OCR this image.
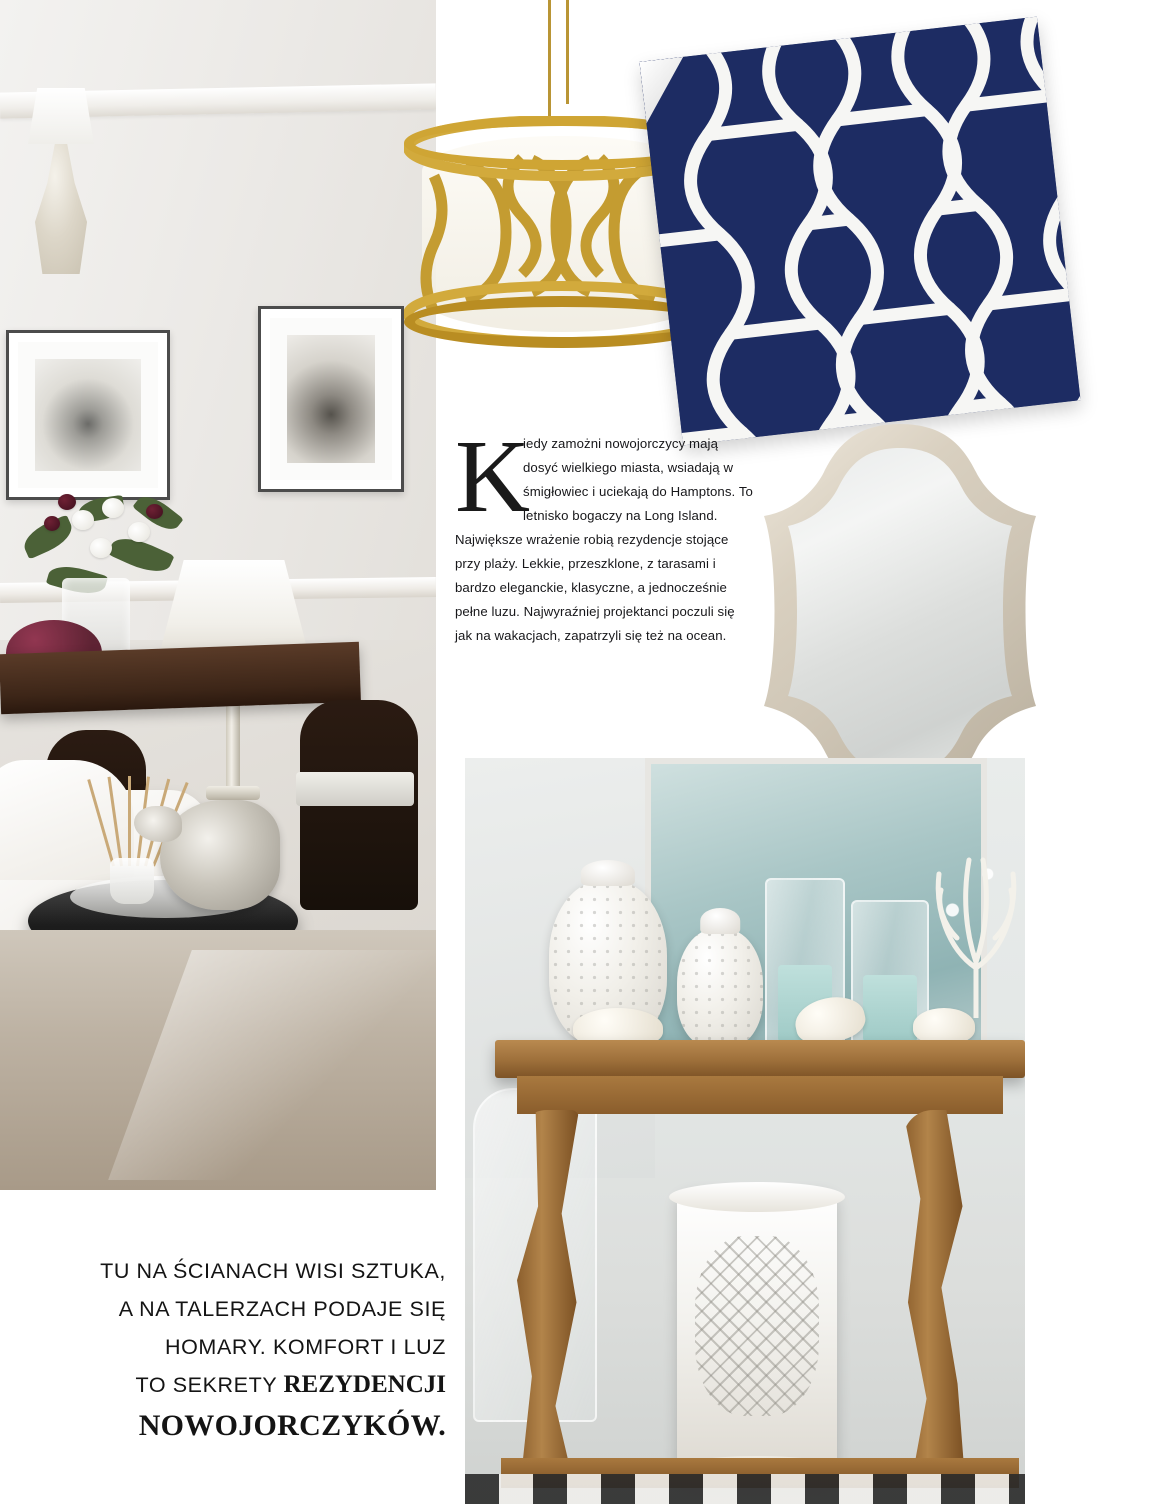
K

iedy zamożni nowojorczycy mają dosyć wielkiego miasta, wsiadają w śmigłowiec i uciekają do Hamptons. To letnisko bogaczy na Long Island. Największe wrażenie robią rezydencje stojące przy plaży. Lekkie, przeszklone, z tarasami i bardzo eleganckie, klasyczne, a jednocześnie pełne luzu. Najwyraźniej projektanci poczuli się jak na wakacjach, zapatrzyli się też na ocean.

TU NA ŚCIANACH WISI SZTUKA,
A NA TALERZACH PODAJE SIĘ
HOMARY. KOMFORT I LUZ
TO SEKRETY REZYDENCJI
NOWOJORCZYKÓW.
